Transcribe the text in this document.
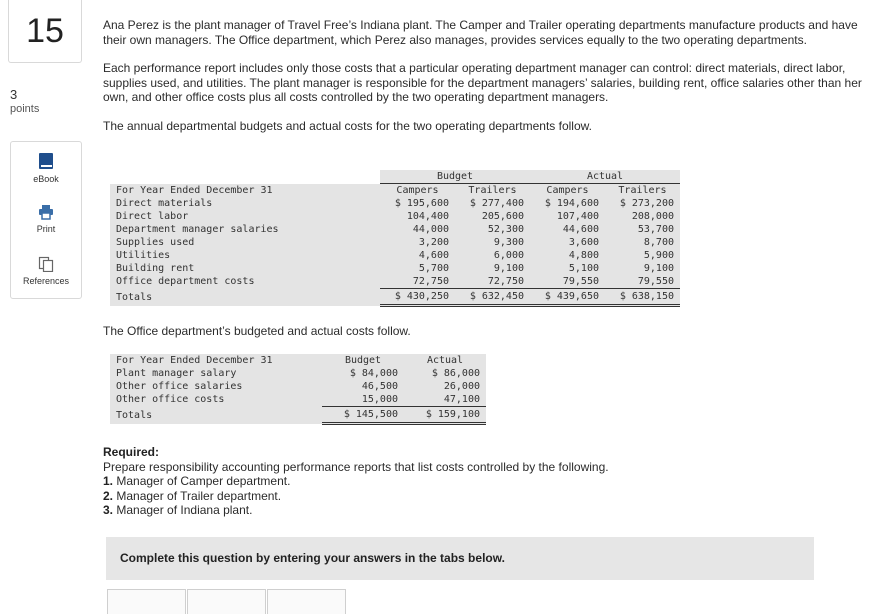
15
3
points
eBook
Print
References

Ana Perez is the plant manager of Travel Free’s Indiana plant. The Camper and Trailer operating departments manufacture products and have their own managers. The Office department, which Perez also manages, provides services equally to the two operating departments.

Each performance report includes only those costs that a particular operating department manager can control: direct materials, direct labor, supplies used, and utilities. The plant manager is responsible for the department managers’ salaries, building rent, office salaries other than her own, and other office costs plus all costs controlled by the two operating department managers.

The annual departmental budgets and actual costs for the two operating departments follow.

	Budget		Actual	
For Year Ended December 31	Campers	Trailers	Campers	Trailers
Direct materials	$ 195,600	$ 277,400	$ 194,600	$ 273,200
Direct labor	104,400	205,600	107,400	208,000
Department manager salaries	44,000	52,300	44,600	53,700
Supplies used	3,200	9,300	3,600	8,700
Utilities	4,600	6,000	4,800	5,900
Building rent	5,700	9,100	5,100	9,100
Office department costs	72,750	72,750	79,550	79,550
Totals	$ 430,250	$ 632,450	$ 439,650	$ 638,150
The Office department’s budgeted and actual costs follow.
For Year Ended December 31	Budget	Actual
Plant manager salary	$ 84,000	$ 86,000
Other office salaries	46,500	26,000
Other office costs	15,000	47,100
Totals	$ 145,500	$ 159,100
Required:
Prepare responsibility accounting performance reports that list costs controlled by the following.
1. Manager of Camper department.
2. Manager of Trailer department.
3. Manager of Indiana plant.
Complete this question by entering your answers in the tabs below.
